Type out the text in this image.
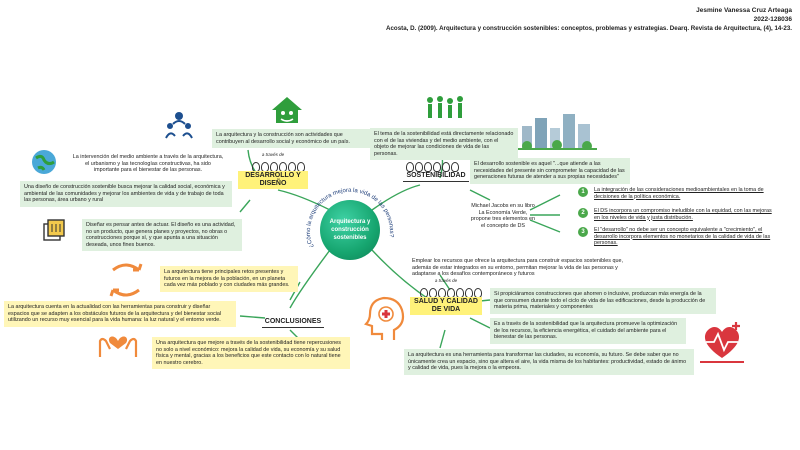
Jesmine Vanessa Cruz Arteaga
2022-128036
Acosta, D. (2009). Arquitectura y construcción sostenibles: conceptos, problemas y estrategias. Dearq. Revista de Arquitectura, (4), 14-23.
Arquitectura y construcción sostenibles
¿Cómo la arquitectura mejora la vida de las personas?
a través de
DESARROLLO Y DISEÑO
SOSTENIBILIDAD
CONCLUSIONES
a través de
SALUD Y CALIDAD DE VIDA
La arquitectura y la construcción son actividades que contribuyen al desarrollo social y económico de un país.
La intervención del medio ambiente a través de la arquitectura, el urbanismo y las tecnologías constructivas, ha sido importante para el bienestar de las personas.
Una diseño de construcción sostenible busca mejorar la calidad social, económica y ambiental de las comunidades y mejorar los ambientes de vida y de trabajo de toda las personas, área urbano y rural
Diseñar es pensar antes de actuar. El diseño es una actividad, no un producto, que genera planes y proyectos, no obras o construcciones porque sí, y que apunta a una situación deseada, unos fines buenos.
El tema de la sostenibilidad está directamente relacionado con el de las viviendas y del medio ambiente, con el objeto de mejorar las condiciones de vida de las personas.
El desarrollo sostenible es aquel "...que atiende a las necesidades del presente sin comprometer la capacidad de las generaciones futuras de atender a sus propias necesidades"
Michael Jacobs en su libro La Economía Verde, propone tres elementos en el concepto de DS
1	La integración de las consideraciones medioambientales en la toma de decisiones de la política económica.
2	El DS incorpora un compromiso ineludible con la equidad, con las mejoras en los niveles de vida y justa distribución.
3	El "desarrollo" no debe ser un concepto equivalente a "crecimiento", el desarrollo incorpora elementos no monetarios de la calidad de vida de las personas.
La arquitectura tiene principales retos presentes y futuros en la mejora de la población, en un planeta cada vez más poblado y con ciudades más grandes.
La arquitectura cuenta en la actualidad con las herramientas para construir y diseñar espacios que se adapten a los obstáculos futuros de la arquitectura y del bienestar social utilizando un recurso muy esencial para la vida humana: la luz natural y el entorno verde.
Una arquitectura que mejore a través de la sostenibilidad tiene repercusiones no solo a nivel económico: mejora la calidad de vida, su economía y su salud física y mental, gracias a los beneficios que este contacto con lo natural tiene en nuestro cerebro.
Emplear los recursos que ofrece la arquitectura para construir espacios sostenibles que, además de estar integrados en su entorno, permitan mejorar la vida de las personas y adaptarse a los desafíos contemporáneos y futuros
Si propiciáramos construcciones que ahorren o inclusive, produzcan más energía de la que consumen durante todo el ciclo de vida de las edificaciones, desde la producción de materia prima, materiales y componentes
Es a través de la sostenibilidad que la arquitectura promueve la optimización de los recursos, la eficiencia energética, el cuidado del ambiente para el bienestar de las personas.
La arquitectura es una herramienta para transformar las ciudades, su economía, su futuro. Se debe saber que no únicamente crea un espacio, sino que altera el aire, la vida misma de los habitantes: productividad, estado de ánimo y calidad de vida, pues la mejora o la empeora.
